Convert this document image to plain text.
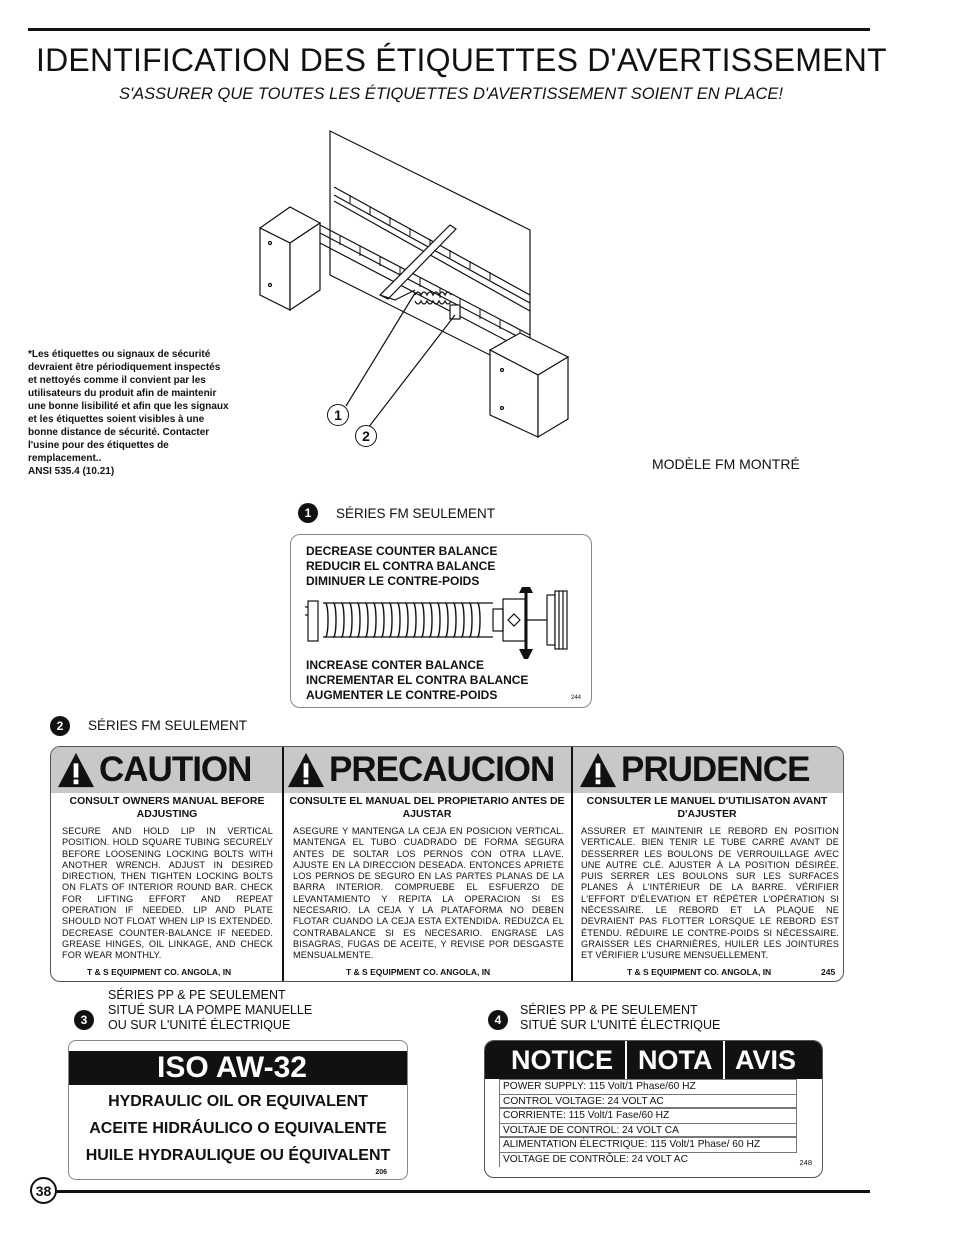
IDENTIFICATION DES ÉTIQUETTES D'AVERTISSEMENT
S'ASSURER QUE TOUTES LES ÉTIQUETTES D'AVERTISSEMENT SOIENT EN PLACE!
1
2
*Les étiquettes ou signaux de sécurité
devraient être périodiquement inspectés
et nettoyés comme il convient par les
utilisateurs du produit afin de maintenir
une bonne lisibilité et afin que les signaux
et les étiquettes soient visibles à une
bonne distance de sécurité. Contacter
l'usine pour des étiquettes de
remplacement..
ANSI 535.4 (10.21)	MODÈLE FM MONTRÉ
1	SÉRIES FM SEULEMENT
DECREASE COUNTER BALANCE
REDUCIR EL CONTRA BALANCE
DIMINUER LE CONTRE-POIDS
INCREASE CONTER BALANCE
INCREMENTAR EL CONTRA BALANCE
AUGMENTER LE CONTRE-POIDS	244
2	SÉRIES FM SEULEMENT
CAUTION PRECAUCION PRUDENCE
CONSULT OWNERS MANUAL BEFORE ADJUSTING
SECURE AND HOLD LIP IN VERTICAL POSITION. HOLD SQUARE TUBING SECURELY BEFORE LOOSENING LOCKING BOLTS WITH ANOTHER WRENCH. ADJUST IN DESIRED DIRECTION, THEN TIGHTEN LOCKING BOLTS ON FLATS OF INTERIOR ROUND BAR. CHECK FOR LIFTING EFFORT AND REPEAT OPERATION IF NEEDED. LIP AND PLATE SHOULD NOT FLOAT WHEN LIP IS EXTENDED. DECREASE COUNTER-BALANCE IF NEEDED. GREASE HINGES, OIL LINKAGE, AND CHECK FOR WEAR MONTHLY.
T & S EQUIPMENT CO. ANGOLA, IN
CONSULTE EL MANUAL DEL PROPIETARIO ANTES DE AJUSTAR
ASEGURE Y MANTENGA LA CEJA EN POSICION VERTICAL. MANTENGA EL TUBO CUADRADO DE FORMA SEGURA ANTES DE SOLTAR LOS PERNOS CON OTRA LLAVE. AJUSTE EN LA DIRECCION DESEADA. ENTONCES APRIETE LOS PERNOS DE SEGURO EN LAS PARTES PLANAS DE LA BARRA INTERIOR. COMPRUEBE EL ESFUERZO DE LEVANTAMIENTO Y REPITA LA OPERACION SI ES NECESARIO. LA CEJA Y LA PLATAFORMA NO DEBEN FLOTAR CUANDO LA CEJA ESTA EXTENDIDA. REDUZCA EL CONTRABALANCE SI ES NECESARIO. ENGRASE LAS BISAGRAS, FUGAS DE ACEITE, Y REVISE POR DESGASTE MENSUALMENTE.
T & S EQUIPMENT CO. ANGOLA, IN
CONSULTER LE MANUEL D'UTILISATON AVANT D'AJUSTER
ASSURER ET MAINTENIR LE REBORD EN POSITION VERTICALE. BIEN TENIR LE TUBE CARRÉ AVANT DE DESSERRER LES BOULONS DE VERROUILLAGE AVEC UNE AUTRE CLÉ. AJUSTER À LA POSITION DÉSIRÉE. PUIS SERRER LES BOULONS SUR LES SURFACES PLANES À L'INTÉRIEUR DE LA BARRE. VÉRIFIER L'EFFORT D'ÉLEVATION ET RÉPÉTER L'OPÉRATION SI NÉCESSAIRE. LE REBORD ET LA PLAQUE NE DEVRAIENT PAS FLOTTER LORSQUE LE REBORD EST ÉTENDU. RÉDUIRE LE CONTRE-POIDS SI NÉCESSAIRE. GRAISSER LES CHARNIÈRES, HUILER LES JOINTURES ET VÉRIFIER L'USURE MENSUELLEMENT.
T & S EQUIPMENT CO. ANGOLA, IN	245
3
SÉRIES PP & PE SEULEMENT
SITUÉ SUR LA POMPE MANUELLE
OU SUR L'UNITÉ ÉLECTRIQUE
ISO AW-32
HYDRAULIC OIL OR EQUIVALENT
ACEITE HIDRÁULICO O EQUIVALENTE
HUILE HYDRAULIQUE OU ÉQUIVALENT
206
4
SÉRIES PP & PE SEULEMENT
SITUÉ SUR L'UNITÉ ÉLECTRIQUE
NOTICE NOTA AVIS
POWER SUPPLY: 115 Volt/1 Phase/60 HZ
CONTROL VOLTAGE: 24 VOLT AC
CORRIENTE: 115 Volt/1 Fase/60 HZ
VOLTAJE DE CONTROL: 24 VOLT CA
ALIMENTATION ÉLECTRIQUE: 115 Volt/1 Phase/ 60 HZ
VOLTAGE DE CONTRÔLE: 24 VOLT AC	248
38
